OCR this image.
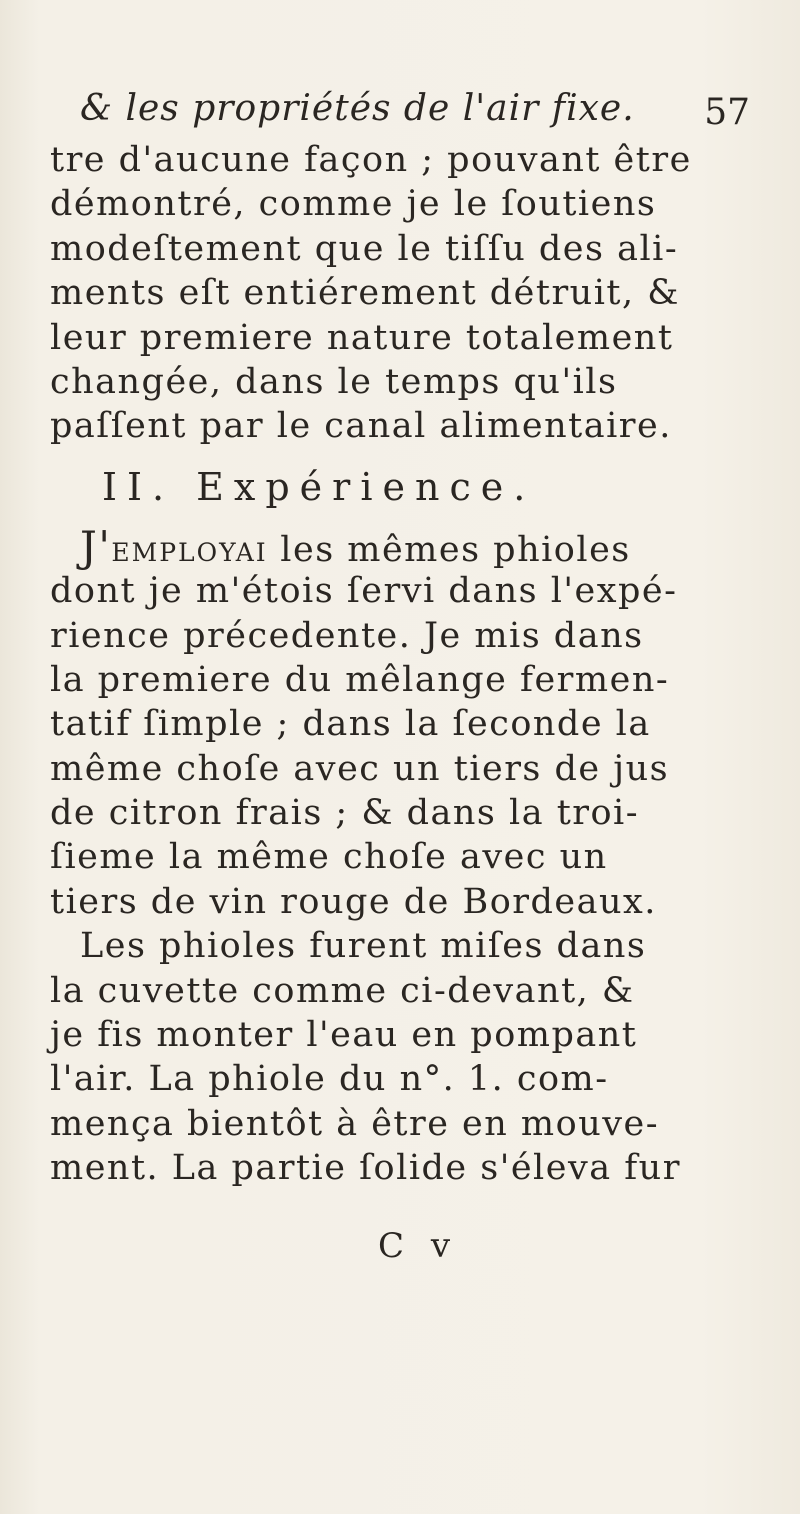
& les propriétés de l'air fixe. 57
tre d'aucune façon ; pouvant être
démontré, comme je le ſoutiens
modeſtement que le tiſſu des ali-
ments eſt entiérement détruit, &
leur premiere nature totalement
changée, dans le temps qu'ils
paſſent par le canal alimentaire.
II. Expérience.
J'employai les mêmes phioles
dont je m'étois ſervi dans l'expé-
rience précedente. Je mis dans
la premiere du mêlange fermen-
tatif ſimple ; dans la ſeconde la
même choſe avec un tiers de jus
de citron frais ; & dans la troi-
ſieme la même choſe avec un
tiers de vin rouge de Bordeaux.
Les phioles furent miſes dans
la cuvette comme ci-devant, &
je fis monter l'eau en pompant
l'air. La phiole du n°. 1. com-
mença bientôt à être en mouve-
ment. La partie ſolide s'éleva fur
C v
